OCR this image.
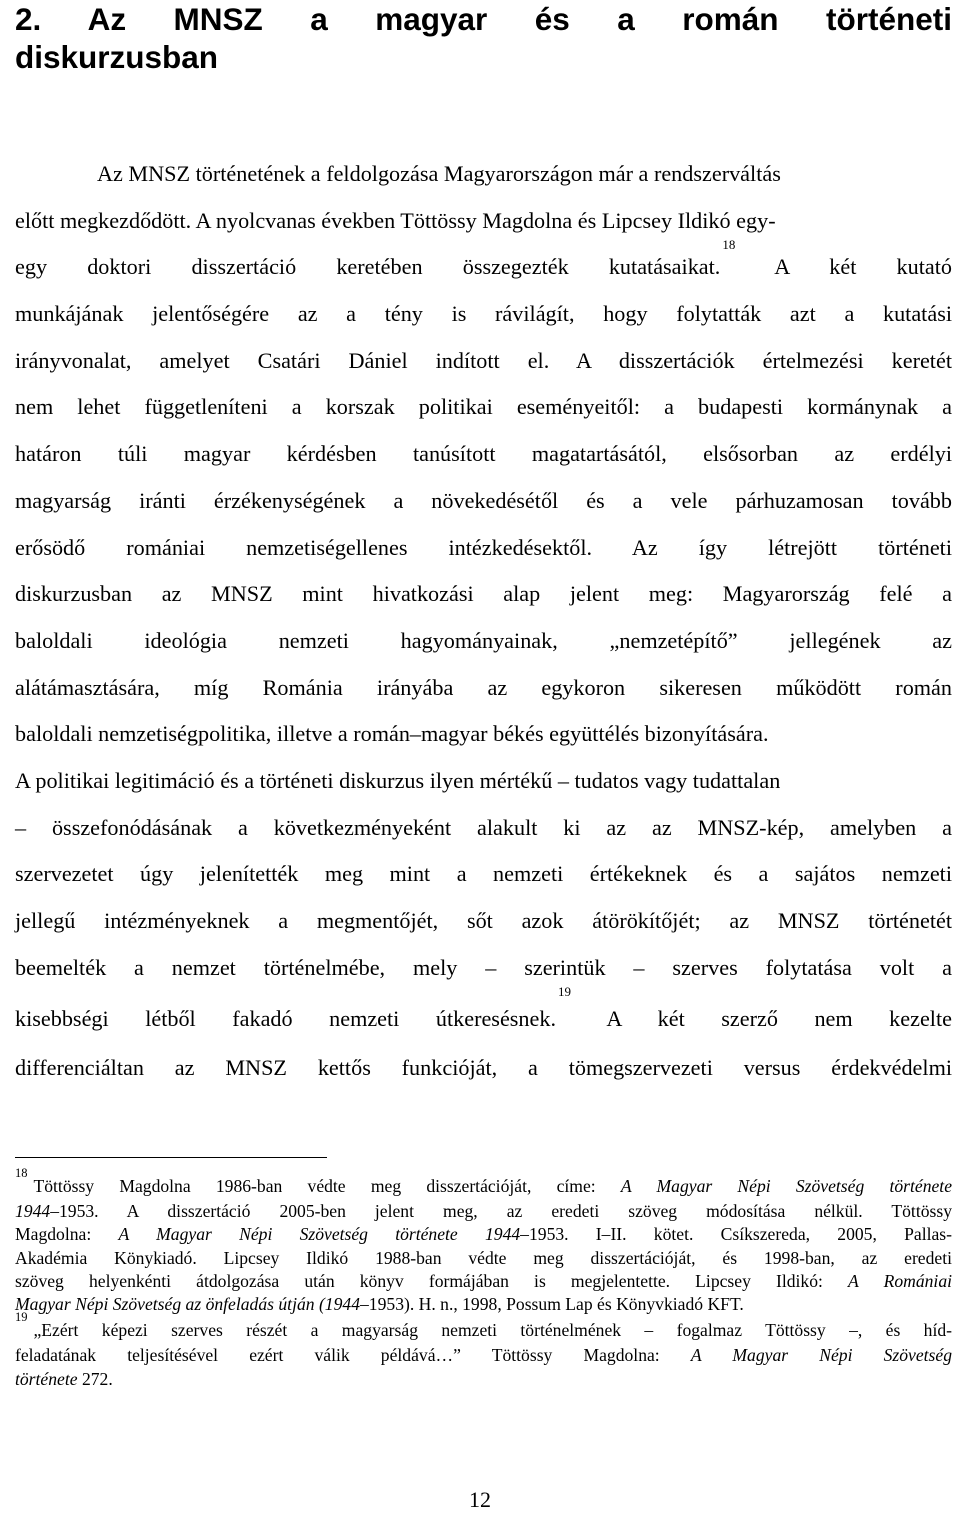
2. Az MNSZ a magyar és a román történeti
diskurzusban
Az MNSZ történetének a feldolgozása Magyarországon már a rendszerváltás
előtt megkezdődött. A nyolcvanas években Töttössy Magdolna és Lipcsey Ildikó egy-
egy doktori disszertáció keretében összegezték kutatásaikat.$^{18}$ A két kutató
munkájának jelentőségére az a tény is rávilágít, hogy folytatták azt a kutatási
irányvonalat, amelyet Csatári Dániel indított el. A disszertációk értelmezési keretét
nem lehet függetleníteni a korszak politikai eseményeitől: a budapesti kormánynak a
határon túli magyar kérdésben tanúsított magatartásától, elsősorban az erdélyi
magyarság iránti érzékenységének a növekedésétől és a vele párhuzamosan tovább
erősödő romániai nemzetiségellenes intézkedésektől. Az így létrejött történeti
diskurzusban az MNSZ mint hivatkozási alap jelent meg: Magyarország felé a
baloldali ideológia nemzeti hagyományainak, „nemzetépítő” jellegének az
alátámasztására, míg Románia irányába az egykoron sikeresen működött román
baloldali nemzetiségpolitika, illetve a román–magyar békés együttélés bizonyítására.
A politikai legitimáció és a történeti diskurzus ilyen mértékű – tudatos vagy tudattalan
– összefonódásának a következményeként alakult ki az az MNSZ-kép, amelyben a
szervezetet úgy jelenítették meg mint a nemzeti értékeknek és a sajátos nemzeti
jellegű intézményeknek a megmentőjét, sőt azok átörökítőjét; az MNSZ történetét
beemelték a nemzet történelmébe, mely – szerintük – szerves folytatása volt a
kisebbségi létből fakadó nemzeti útkeresésnek.$^{19}$ A két szerző nem kezelte
differenciáltan az MNSZ kettős funkcióját, a tömegszervezeti versus érdekvédelmi
$^{18}$Töttössy Magdolna 1986-ban védte meg disszertációját, címe: A Magyar Népi Szövetség története
1944–1953. A disszertáció 2005-ben jelent meg, az eredeti szöveg módosítása nélkül. Töttössy
Magdolna: A Magyar Népi Szövetség története 1944–1953. I–II. kötet. Csíkszereda, 2005, Pallas-
Akadémia Könykiadó. Lipcsey Ildikó 1988-ban védte meg disszertációját, és 1998-ban, az eredeti
szöveg helyenkénti átdolgozása után könyv formájában is megjelentette. Lipcsey Ildikó: A Romániai
Magyar Népi Szövetség az önfeladás útján (1944–1953). H. n., 1998, Possum Lap és Könyvkiadó KFT.
$^{19}$„Ezért képezi szerves részét a magyarság nemzeti történelmének – fogalmaz Töttössy –, és híd-
feladatának teljesítésével ezért válik példává…” Töttössy Magdolna: A Magyar Népi Szövetség
története 272.
12
